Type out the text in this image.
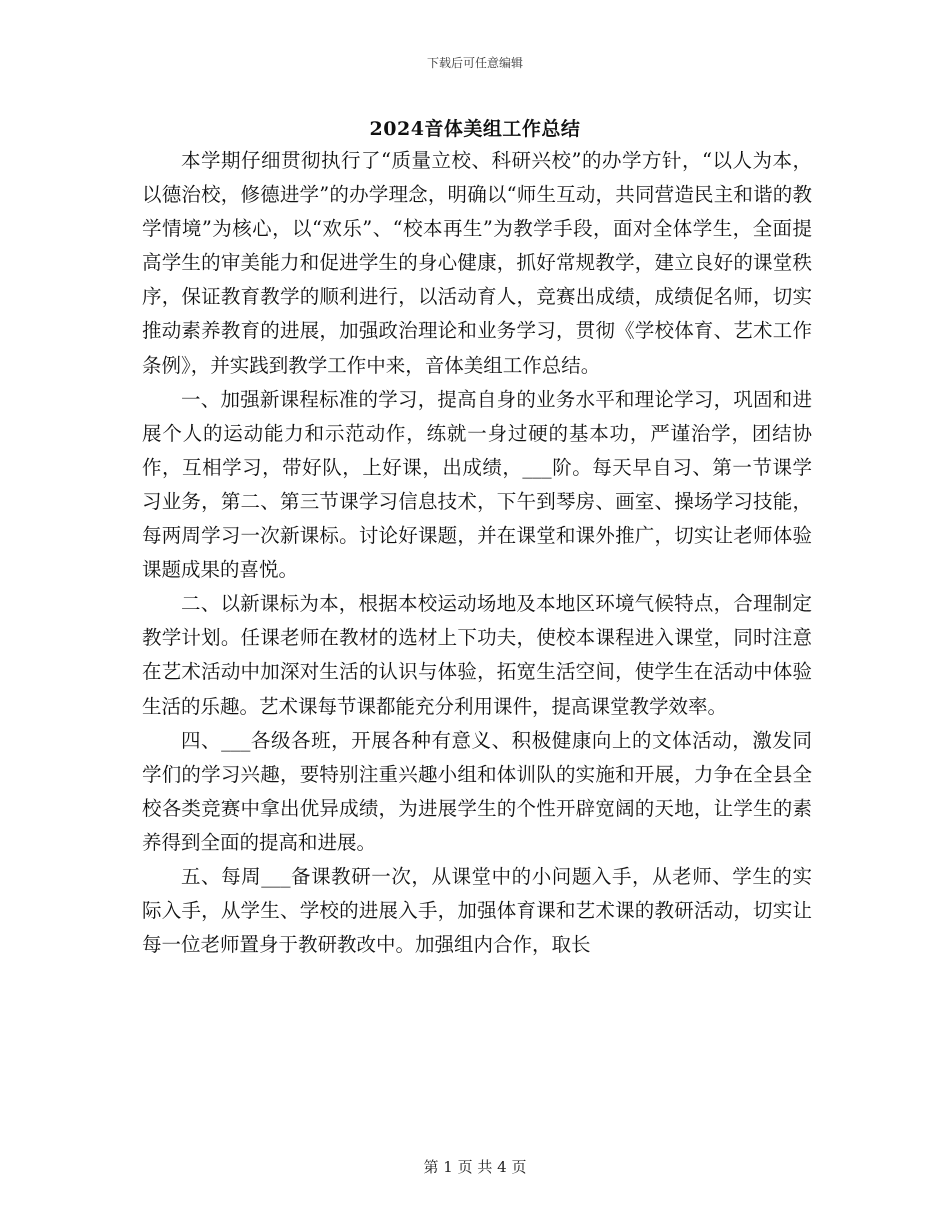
下载后可任意编辑
2024音体美组工作总结

本学期仔细贯彻执行了“质量立校、科研兴校”的办学方针，“以人为本，以德治校，修德进学”的办学理念，明确以“师生互动，共同营造民主和谐的教学情境”为核心，以“欢乐”、“校本再生”为教学手段，面对全体学生，全面提高学生的审美能力和促进学生的身心健康，抓好常规教学，建立良好的课堂秩序，保证教育教学的顺利进行，以活动育人，竞赛出成绩，成绩促名师，切实推动素养教育的进展，加强政治理论和业务学习，贯彻《学校体育、艺术工作条例》，并实践到教学工作中来，音体美组工作总结。

一、加强新课程标准的学习，提高自身的业务水平和理论学习，巩固和进展个人的运动能力和示范动作，练就一身过硬的基本功，严谨治学，团结协作，互相学习，带好队，上好课，出成绩，___阶。每天早自习、第一节课学习业务，第二、第三节课学习信息技术，下午到琴房、画室、操场学习技能，每两周学习一次新课标。讨论好课题，并在课堂和课外推广，切实让老师体验课题成果的喜悦。

二、以新课标为本，根据本校运动场地及本地区环境气候特点，合理制定教学计划。任课老师在教材的选材上下功夫，使校本课程进入课堂，同时注意在艺术活动中加深对生活的认识与体验，拓宽生活空间，使学生在活动中体验生活的乐趣。艺术课每节课都能充分利用课件，提高课堂教学效率。

四、___各级各班，开展各种有意义、积极健康向上的文体活动，激发同学们的学习兴趣，要特别注重兴趣小组和体训队的实施和开展，力争在全县全校各类竞赛中拿出优异成绩，为进展学生的个性开辟宽阔的天地，让学生的素养得到全面的提高和进展。

五、每周___备课教研一次，从课堂中的小问题入手，从老师、学生的实际入手，从学生、学校的进展入手，加强体育课和艺术课的教研活动，切实让每一位老师置身于教研教改中。加强组内合作，取长

第 1 页 共 4 页
